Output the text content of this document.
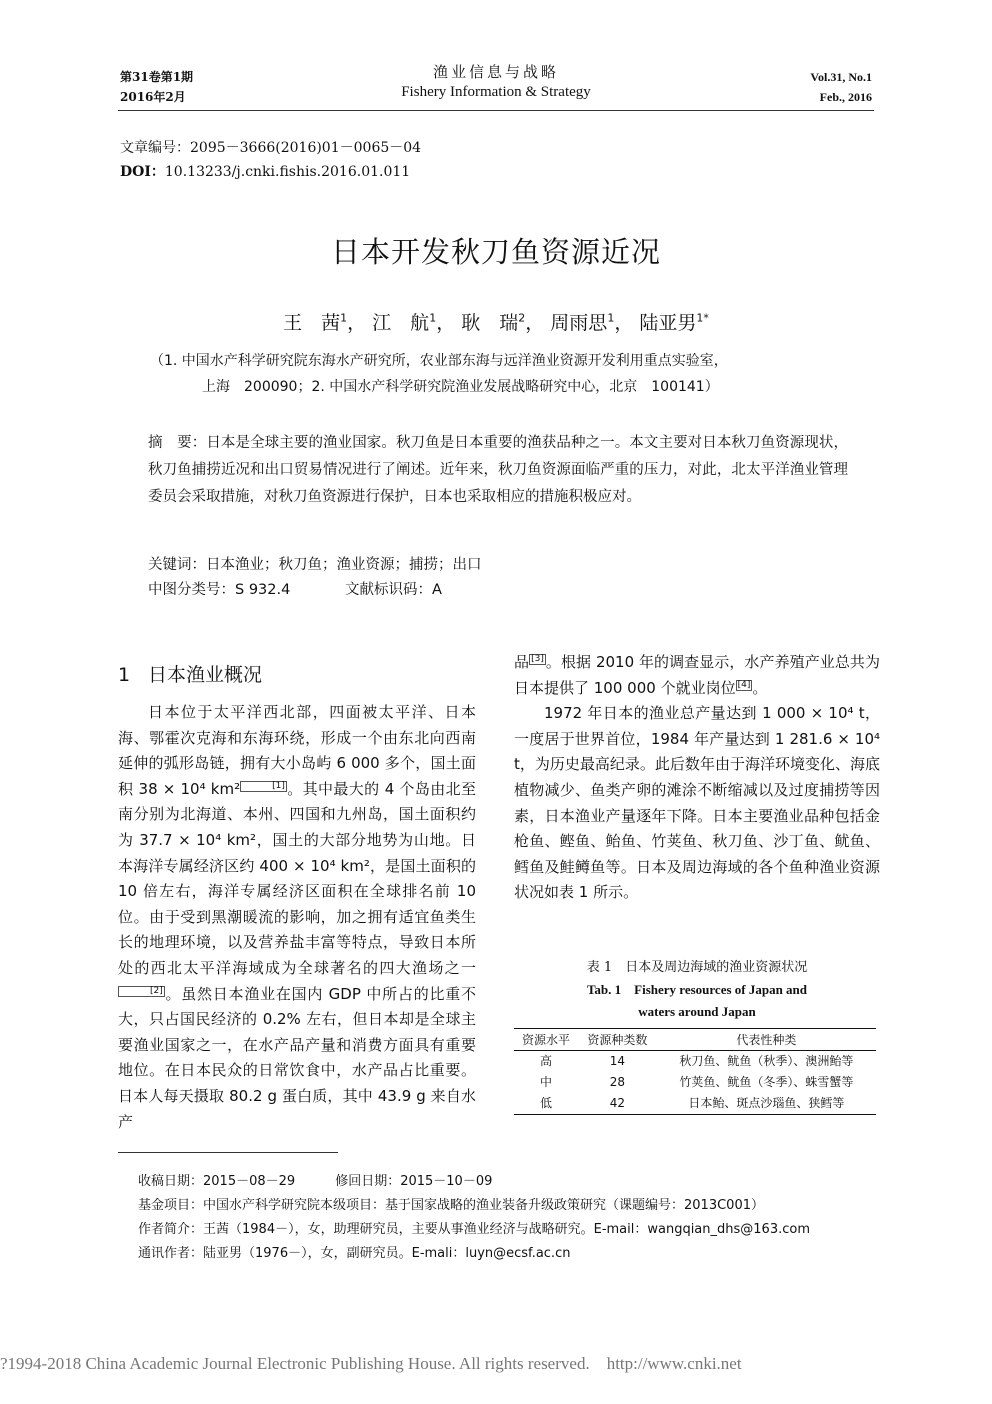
第31卷第1期
2016年2月
渔业信息与战略
Fishery Information & Strategy
Vol.31, No.1
Feb., 2016
文章编号：2095－3666(2016)01－0065－04
DOI：10.13233/j.cnki.fishis.2016.01.011
日本开发秋刀鱼资源近况
王　茜$^1$， 江　航$^1$， 耿　瑞$^2$， 周雨思$^1$， 陆亚男$^{1*}$
（1. 中国水产科学研究院东海水产研究所，农业部东海与远洋渔业资源开发利用重点实验室，
上海　200090；2. 中国水产科学研究院渔业发展战略研究中心，北京　100141）
摘　要：日本是全球主要的渔业国家。秋刀鱼是日本重要的渔获品种之一。本文主要对日本秋刀鱼资源现状，秋刀鱼捕捞近况和出口贸易情况进行了阐述。近年来，秋刀鱼资源面临严重的压力，对此，北太平洋渔业管理委员会采取措施，对秋刀鱼资源进行保护，日本也采取相应的措施积极应对。
关键词：日本渔业；秋刀鱼；渔业资源；捕捞；出口
中图分类号：S 932.4	文献标识码：A
1 日本渔业概况
日本位于太平洋西北部，四面被太平洋、日本海、鄂霍次克海和东海环绕，形成一个由东北向西南延伸的弧形岛链，拥有大小岛屿 6 000 多个，国土面积 38 × 10⁴ km²	[1] 。其中最大的 4 个岛由北至南分别为北海道、本州、四国和九州岛，国土面积约为 37.7 × 10⁴ km²，国土的大部分地势为山地。日本海洋专属经济区约 400 × 10⁴ km²，是国土面积的 10 倍左右，海洋专属经济区面积在全球排名前 10 位。由于受到黑潮暖流的影响，加之拥有适宜鱼类生长的地理环境，以及营养盐丰富等特点，导致日本所处的西北太平洋海域成为全球著名的四大渔场之一[2] 。虽然日本渔业在国内 GDP 中所占的比重不大，只占国民经济的 0.2% 左右，但日本却是全球主要渔业国家之一，在水产品产量和消费方面具有重要地位。在日本民众的日常饮食中，水产品占比重要。日本人每天摄取 80.2 g 蛋白质，其中 43.9 g 来自水产
品 [3] 。根据 2010 年的调查显示，水产养殖产业总共为日本提供了 100 000 个就业岗位 [4] 。
1972 年日本的渔业总产量达到 1 000 × 10⁴ t，一度居于世界首位，1984 年产量达到 1 281.6 × 10⁴ t，为历史最高纪录。此后数年由于海洋环境变化、海底植物减少、鱼类产卵的滩涂不断缩减以及过度捕捞等因素，日本渔业产量逐年下降。日本主要渔业品种包括金枪鱼、鲣鱼、鲐鱼、竹荚鱼、秋刀鱼、沙丁鱼、鱿鱼、鳕鱼及鲑鳟鱼等。日本及周边海域的各个鱼种渔业资源状况如表 1 所示。
表 1　日本及周边海域的渔业资源状况
Tab. 1　Fishery resources of Japan and
waters around Japan
资源水平	资源种类数	代表性种类
高	14	秋刀鱼、鱿鱼（秋季）、澳洲鲐等
中	28	竹荚鱼、鱿鱼（冬季）、蛛雪蟹等
低	42	日本鲐、斑点沙瑙鱼、狭鳕等
收稿日期：2015－08－29	修回日期：2015－10－09
基金项目：中国水产科学研究院本级项目：基于国家战略的渔业装备升级政策研究（课题编号：2013C001）
作者简介：王茜（1984－），女，助理研究员，主要从事渔业经济与战略研究。E-mail：wangqian_dhs@163.com
通讯作者：陆亚男（1976－），女，副研究员。E-mali：luyn@ecsf.ac.cn
?1994-2018 China Academic Journal Electronic Publishing House. All rights reserved.    http://www.cnki.net
